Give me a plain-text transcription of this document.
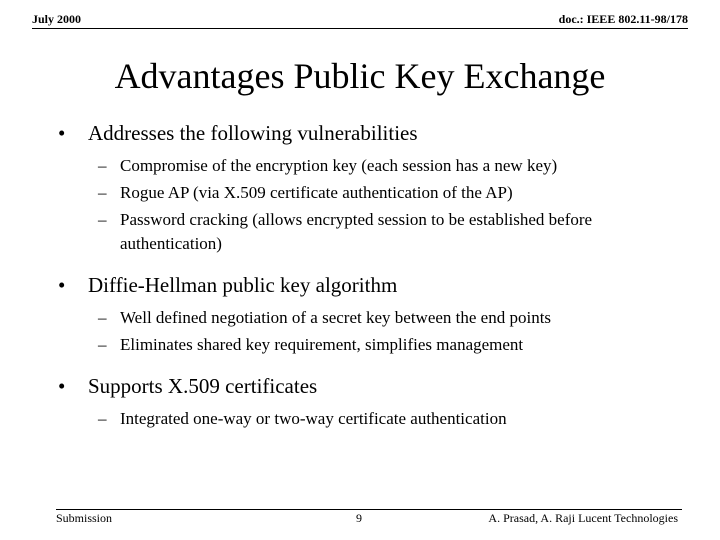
July 2000	doc.: IEEE 802.11-98/178
Advantages Public Key Exchange
• Addresses the following vulnerabilities
– Compromise of the encryption key (each session has a new key)
– Rogue AP (via X.509 certificate authentication of the AP)
– Password cracking (allows encrypted session to be established before authentication)
• Diffie-Hellman public key algorithm
– Well defined negotiation of a secret key between the end points
– Eliminates shared key requirement, simplifies management
• Supports X.509 certificates
– Integrated one-way or two-way certificate authentication
Submission	9	A. Prasad, A. Raji Lucent Technologies
